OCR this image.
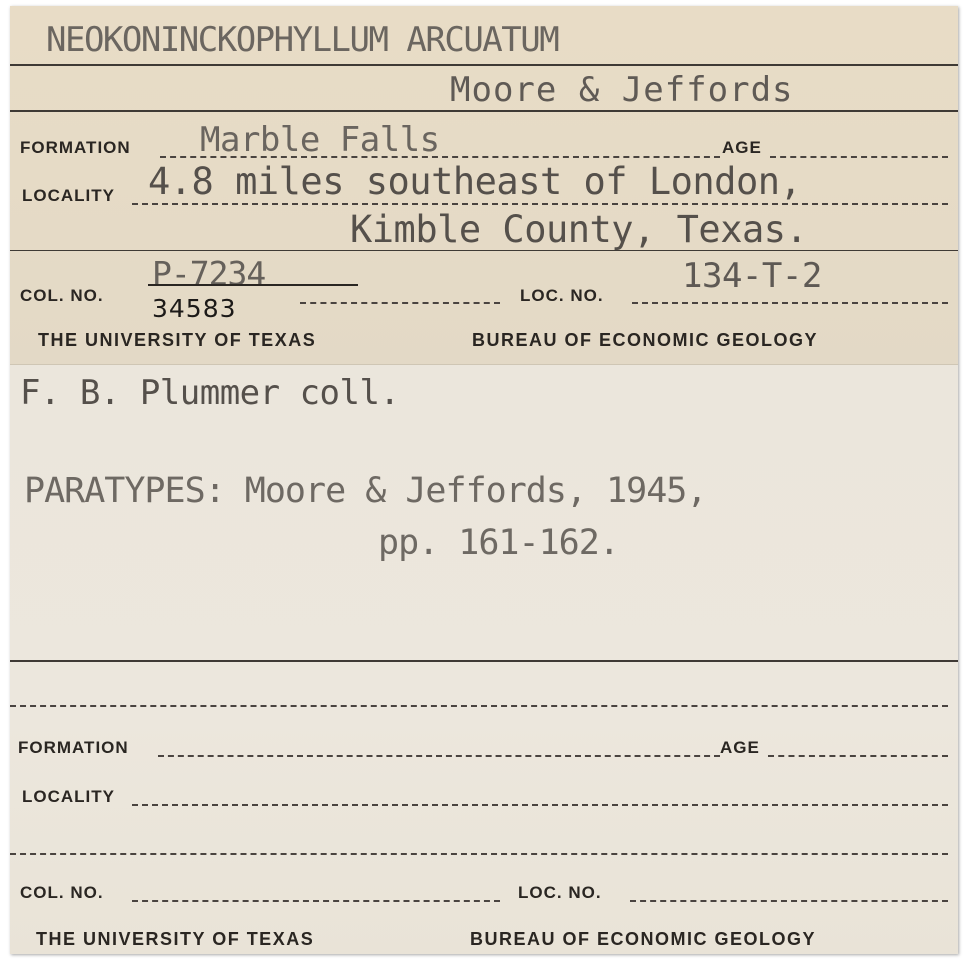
NEOKONINCKOPHYLLUM ARCUATUM
Moore & Jeffords
FORMATION Marble Falls	AGE
LOCALITY 4.8 miles southeast of London,
Kimble County, Texas.
COL. NO.
P-7234
34583	LOC. NO. 134-T-2
THE UNIVERSITY OF TEXAS	BUREAU OF ECONOMIC GEOLOGY
F. B. Plummer coll.
PARATYPES: Moore & Jeffords, 1945,
pp. 161-162.
FORMATION	AGE
LOCALITY
COL. NO.	LOC. NO.
THE UNIVERSITY OF TEXAS	BUREAU OF ECONOMIC GEOLOGY
